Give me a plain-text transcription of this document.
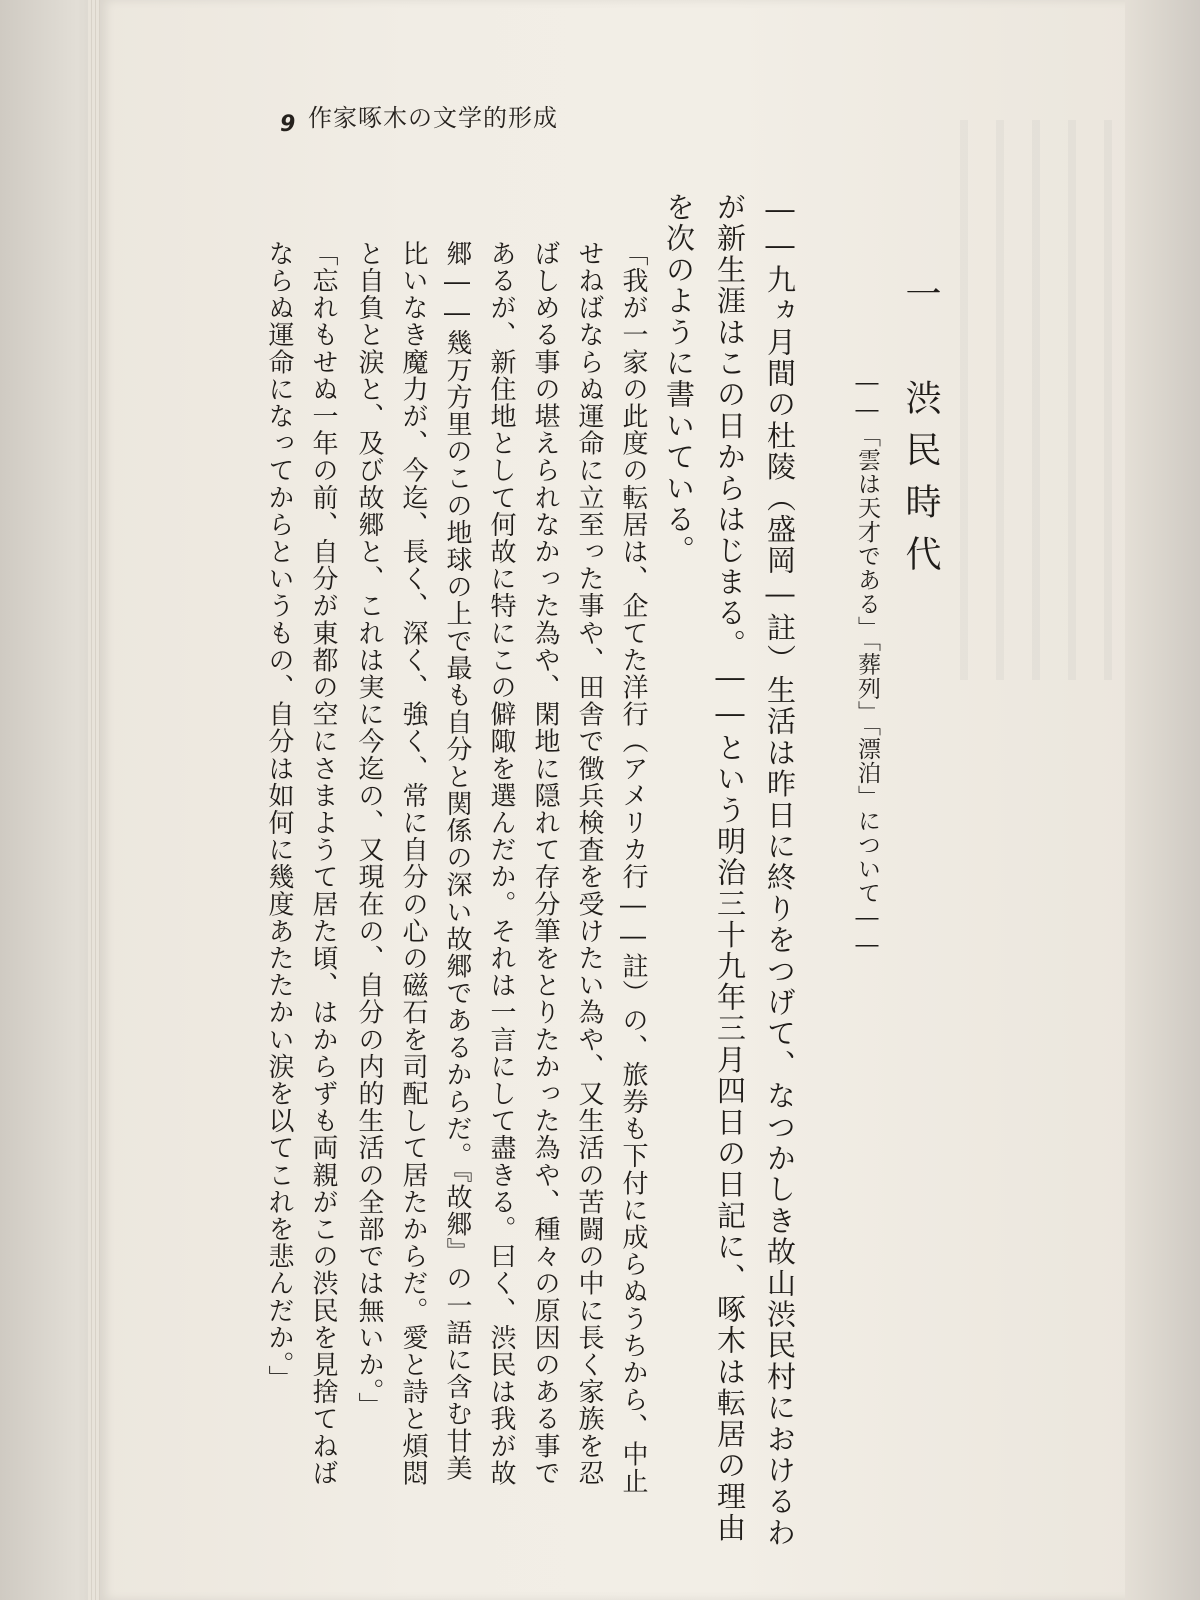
9 作家啄木の文学的形成
一　渋民時代
――「雲は天才である」「葬列」「漂泊」について――
――九ヵ月間の杜陵（盛岡―註）生活は昨日に終りをつげて、なつかしき故山渋民村におけるわ
が新生涯はこの日からはじまる。――という明治三十九年三月四日の日記に、啄木は転居の理由
を次のように書いている。
「我が一家の此度の転居は、企てた洋行（アメリカ行――註）の、旅券も下付に成らぬうちから、中止
せねばならぬ運命に立至った事や、田舎で徴兵検査を受けたい為や、又生活の苦闘の中に長く家族を忍
ばしめる事の堪えられなかった為や、閑地に隠れて存分筆をとりたかった為や、種々の原因のある事で
あるが、新住地として何故に特にこの僻陬を選んだか。それは一言にして盡きる。曰く、渋民は我が故
郷――幾万方里のこの地球の上で最も自分と関係の深い故郷であるからだ。『故郷』の一語に含む甘美
比いなき魔力が、今迄、長く、深く、強く、常に自分の心の磁石を司配して居たからだ。愛と詩と煩悶
と自負と涙と、及び故郷と、これは実に今迄の、又現在の、自分の内的生活の全部では無いか。」
「忘れもせぬ一年の前、自分が東都の空にさまようて居た頃、はからずも両親がこの渋民を見捨てねば
ならぬ運命になってからというもの、自分は如何に幾度あたたかい涙を以てこれを悲んだか。」
